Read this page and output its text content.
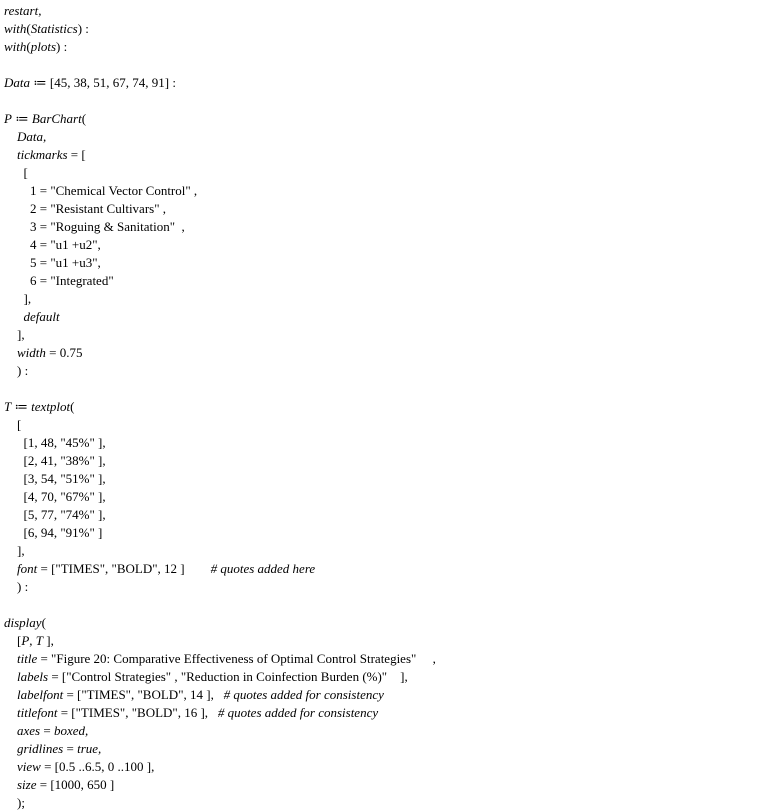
restart,
with(Statistics) :
with(plots) :
Data ≔ [45, 38, 51, 67, 74, 91] :
P ≔ BarChart(
Data,
tickmarks = [
[
1 = "Chemical Vector Control" ,
2 = "Resistant Cultivars" ,
3 = "Roguing & Sanitation"  ,
4 = "u1 +u2",
5 = "u1 +u3",
6 = "Integrated"
],
default
],
width = 0.75
) :
T ≔ textplot(
[
[1, 48, "45%" ],
[2, 41, "38%" ],
[3, 54, "51%" ],
[4, 70, "67%" ],
[5, 77, "74%" ],
[6, 94, "91%" ]
],
font = ["TIMES", "BOLD", 12 ]        # quotes added here
) :
display(
[P, T ],
title = "Figure 20: Comparative Effectiveness of Optimal Control Strategies"     ,
labels = ["Control Strategies" , "Reduction in Coinfection Burden (%)"    ],
labelfont = ["TIMES", "BOLD", 14 ],   # quotes added for consistency
titlefont = ["TIMES", "BOLD", 16 ],   # quotes added for consistency
axes = boxed,
gridlines = true,
view = [0.5 ..6.5, 0 ..100 ],
size = [1000, 650 ]
);
